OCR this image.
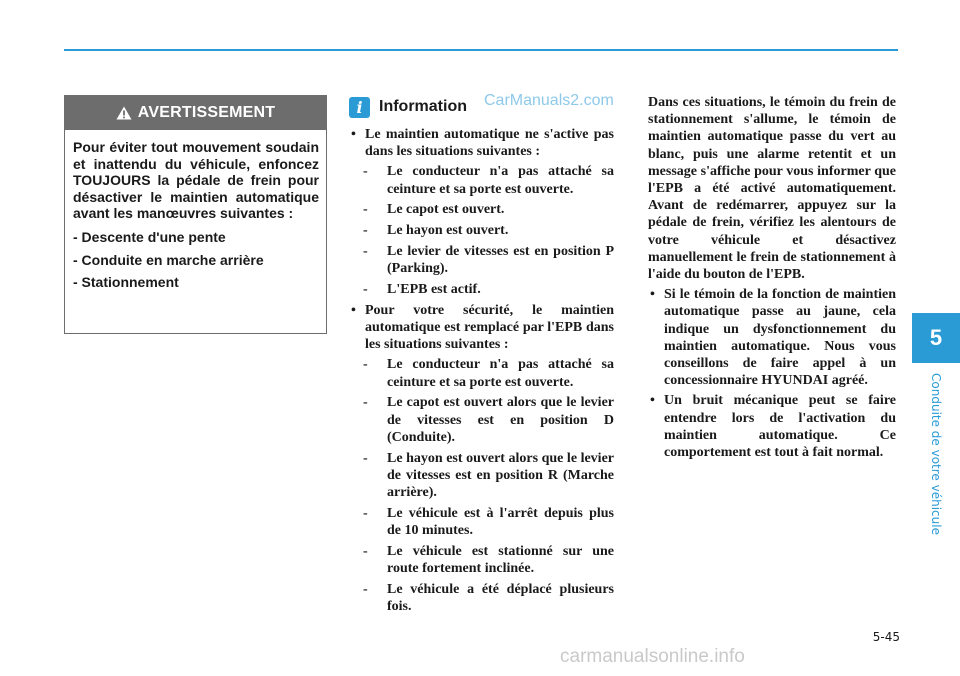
5
Conduite de votre véhicule
AVERTISSEMENT

Pour éviter tout mouvement soudain et inattendu du véhicule, enfoncez TOUJOURS la pédale de frein pour désactiver le maintien automatique avant les manœuvres suivantes :

- Descente d'une pente

- Conduite en marche arrière

- Stationnement

i	Information CarManuals2.com
• Le maintien automatique ne s'active pas dans les situations suivantes :
- Le conducteur n'a pas attaché sa ceinture et sa porte est ouverte.
- Le capot est ouvert.
- Le hayon est ouvert.
- Le levier de vitesses est en position P (Parking).
- L'EPB est actif.
• Pour votre sécurité, le maintien automatique est remplacé par l'EPB dans les situations suivantes :
- Le conducteur n'a pas attaché sa ceinture et sa porte est ouverte.
- Le capot est ouvert alors que le levier de vitesses est en position D (Conduite).
- Le hayon est ouvert alors que le levier de vitesses est en position R (Marche arrière).
- Le véhicule est à l'arrêt depuis plus de 10 minutes.
- Le véhicule est stationné sur une route fortement inclinée.
- Le véhicule a été déplacé plusieurs fois.
Dans ces situations, le témoin du frein de stationnement s'allume, le témoin de maintien automatique passe du vert au blanc, puis une alarme retentit et un message s'affiche pour vous informer que l'EPB a été activé automatiquement. Avant de redémarrer, appuyez sur la pédale de frein, vérifiez les alentours de votre véhicule et désactivez manuellement le frein de stationnement à l'aide du bouton de l'EPB.
• Si le témoin de la fonction de maintien automatique passe au jaune, cela indique un dysfonctionnement du maintien automatique. Nous vous conseillons de faire appel à un concessionnaire HYUNDAI agréé.
• Un bruit mécanique peut se faire entendre lors de l'activation du maintien automatique. Ce comportement est tout à fait normal.
5-45
carmanualsonline.info
